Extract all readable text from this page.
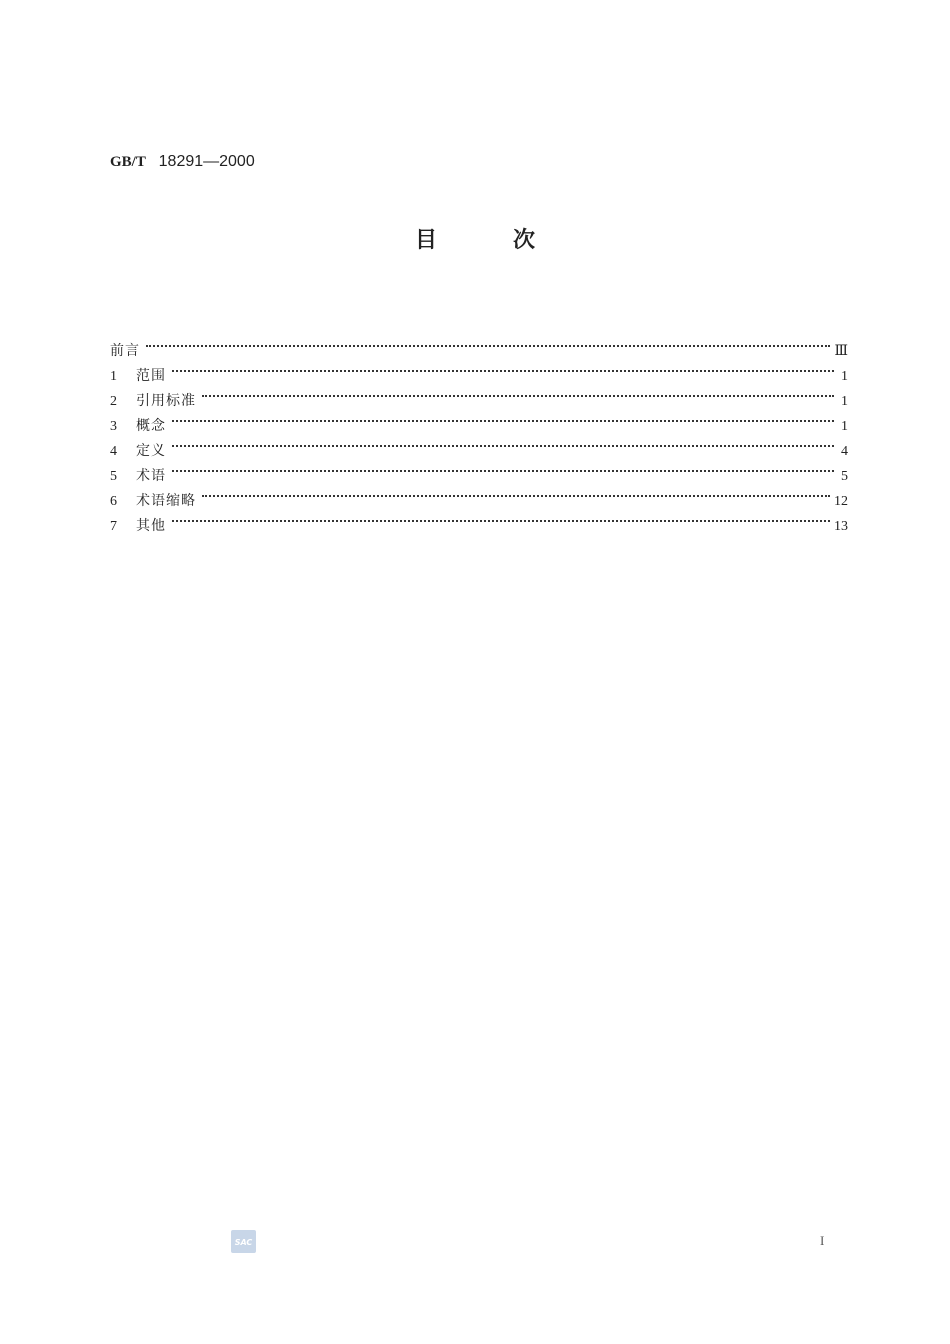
GB/T 18291—2000
目	次
前言	Ⅲ
1	范围	1
2	引用标准	1
3	概念	1
4	定义	4
5	术语	5
6	术语缩略	12
7	其他	13
SAC	I
